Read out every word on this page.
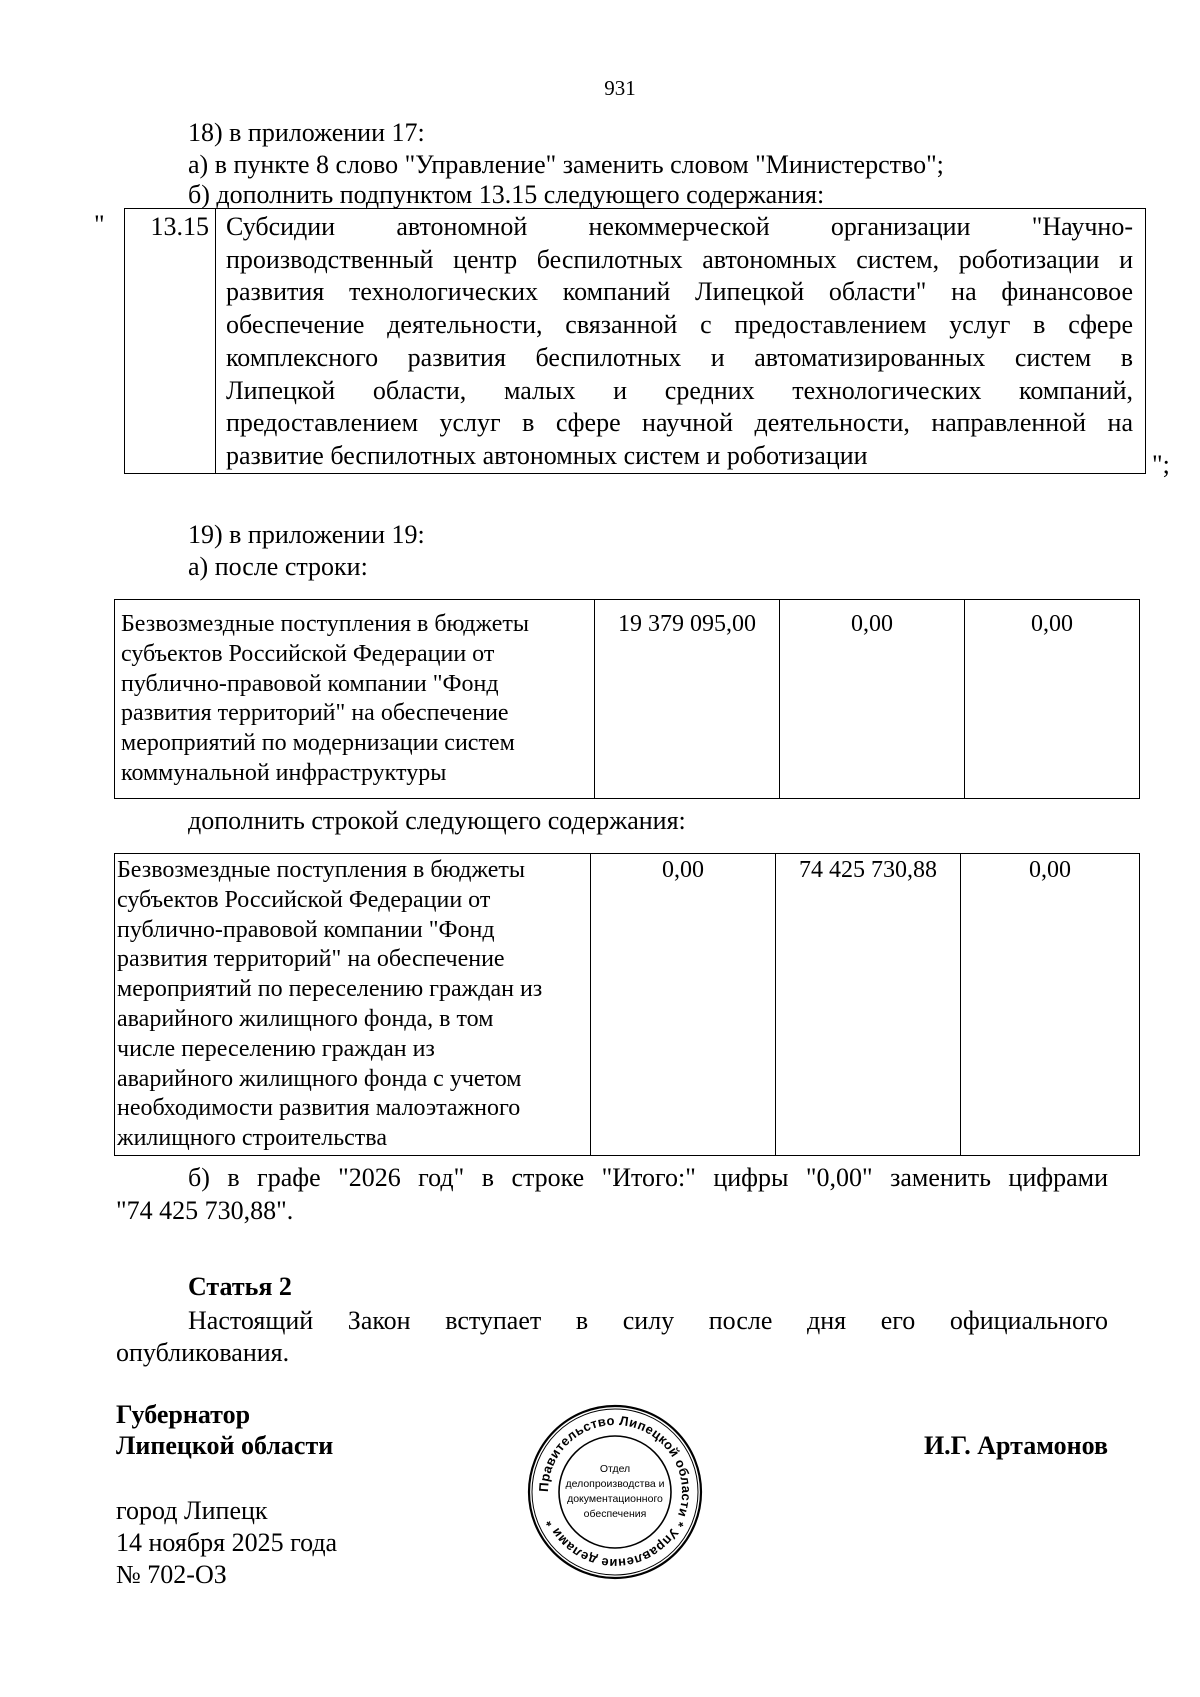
931
18) в приложении 17:
а) в пункте 8 слово "Управление" заменить словом "Министерство";
б) дополнить подпунктом 13.15 следующего содержания:
" 13.15	Субсидии автономной некоммерческой организации "Научно-
производственный центр беспилотных автономных систем, роботизации и
развития технологических компаний Липецкой области" на финансовое
обеспечение деятельности, связанной с предоставлением услуг в сфере
комплексного развития беспилотных и автоматизированных систем в
Липецкой области, малых и средних технологических компаний,
предоставлением услуг в сфере научной деятельности, направленной на
развитие беспилотных автономных систем и роботизации	";
19) в приложении 19:
а) после строки:
Безвозмездные поступления в бюджеты
субъектов Российской Федерации от
публично-правовой компании "Фонд
развития территорий" на обеспечение
мероприятий по модернизации систем
коммунальной инфраструктуры
	19 379 095,00	0,00	0,00
дополнить строкой следующего содержания:
Безвозмездные поступления в бюджеты
субъектов Российской Федерации от
публично-правовой компании "Фонд
развития территорий" на обеспечение
мероприятий по переселению граждан из
аварийного жилищного фонда, в том
числе переселению граждан из
аварийного жилищного фонда с учетом
необходимости развития малоэтажного
жилищного строительства
	0,00	74 425 730,88	0,00
б) в графе "2026 год" в строке "Итого:" цифры "0,00" заменить цифрами
"74 425 730,88".
Статья 2
Настоящий Закон вступает в силу после дня его официального
опубликования.
Губернатор
Липецкой области	И.Г. Артамонов
Правительство Липецкой области * Управление делами *
Отдел
делопроизводства и
документационного
обеспечения
город Липецк
14 ноября 2025 года
№ 702-ОЗ
